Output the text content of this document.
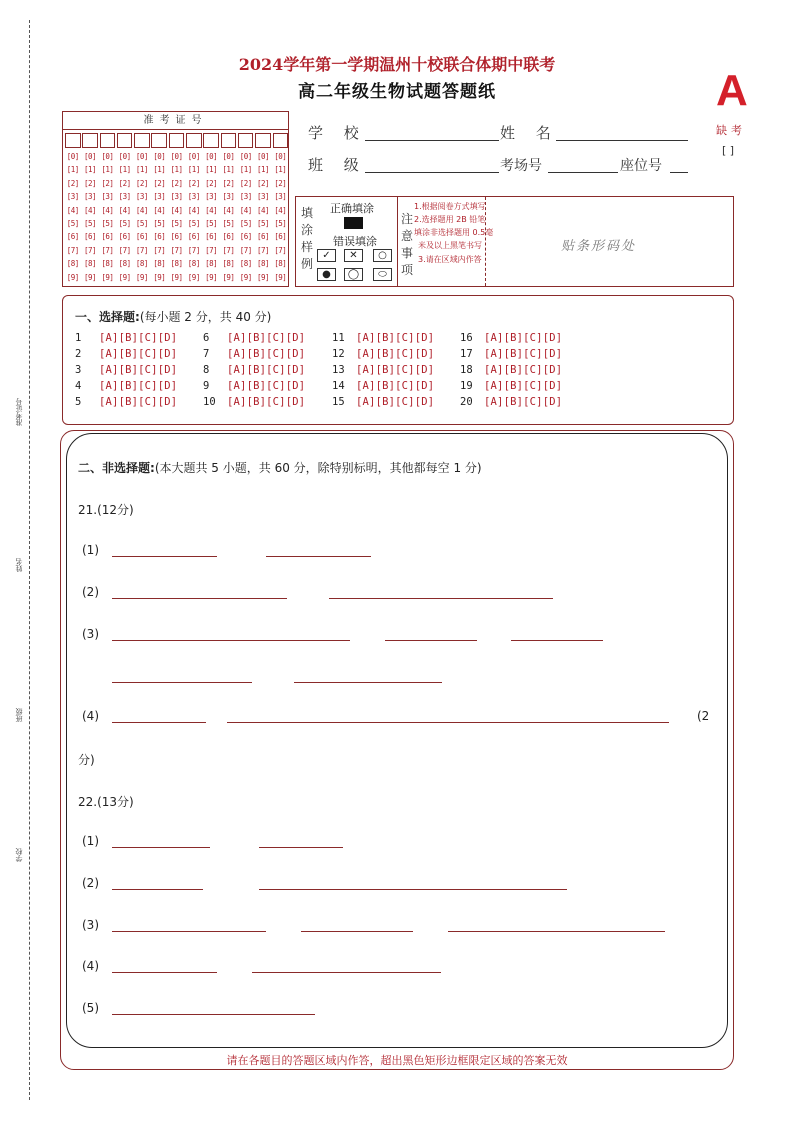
准考证号
姓名
班级
学校
2024学年第一学期温州十校联合体期中联考
高二年级生物试题答题纸	A
缺考
[ ]
准考证号
[0] [0] [0] [0] [0] [0] [0] [0] [0] [0] [0] [0] [0]
[1] [1] [1] [1] [1] [1] [1] [1] [1] [1] [1] [1] [1]
[2] [2] [2] [2] [2] [2] [2] [2] [2] [2] [2] [2] [2]
[3] [3] [3] [3] [3] [3] [3] [3] [3] [3] [3] [3] [3]
[4] [4] [4] [4] [4] [4] [4] [4] [4] [4] [4] [4] [4]
[5] [5] [5] [5] [5] [5] [5] [5] [5] [5] [5] [5] [5]
[6] [6] [6] [6] [6] [6] [6] [6] [6] [6] [6] [6] [6]
[7] [7] [7] [7] [7] [7] [7] [7] [7] [7] [7] [7] [7]
[8] [8] [8] [8] [8] [8] [8] [8] [8] [8] [8] [8] [8]
[9] [9] [9] [9] [9] [9] [9] [9] [9] [9] [9] [9] [9]
学 校	姓 名
班 级	考场号	座位号
填
涂
样
例
正确填涂
错误填涂
✓	✕	○
●	◯	⬭
注
意
事
项
1.根据阅卷方式填写
2.选择题用 2B 铅笔
填涂非选择题用 0.5毫
米及以上黑笔书写
3.请在区域内作答
贴条形码处
一、选择题:(每小题 2 分，共 40 分)
1 [A][B][C][D]
2 [A][B][C][D]
3 [A][B][C][D]
4 [A][B][C][D]
5 [A][B][C][D]
6 [A][B][C][D]
7 [A][B][C][D]
8 [A][B][C][D]
9 [A][B][C][D]
10 [A][B][C][D]
11 [A][B][C][D]
12 [A][B][C][D]
13 [A][B][C][D]
14 [A][B][C][D]
15 [A][B][C][D]
16 [A][B][C][D]
17 [A][B][C][D]
18 [A][B][C][D]
19 [A][B][C][D]
20 [A][B][C][D]
二、非选择题:(本大题共 5 小题，共 60 分，除特别标明，其他都每空 1 分)
21.(12分)
(1)
(2)
(3)
(4)	(2
分)
22.(13分)
(1)
(2)
(3)
(4)
(5)
请在各题目的答题区域内作答，超出黑色矩形边框限定区域的答案无效
